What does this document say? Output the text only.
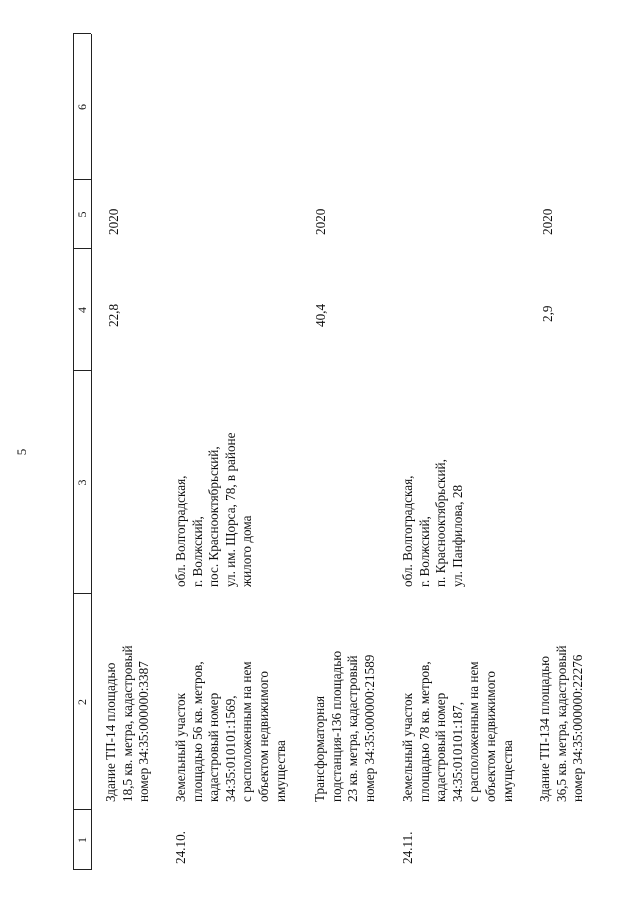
5
1
2
3
4
5
6
Здание ТП-14 площадью
18,5 кв. метра, кадастровый
номер 34:35:000000:3387
22,8
2020
24.10.
Земельный участок
площадью 56 кв. метров,
кадастровый номер
34:35:010101:1569,
с расположенным на нем
объектом недвижимого
имущества
обл. Волгоградская,
г. Волжский,
пос. Краснооктябрьский,
ул. им. Щорса, 78, в районе
жилого дома
Трансформаторная
подстанция-136 площадью
23 кв. метра, кадастровый
номер 34:35:000000:21589
40,4
2020
24.11.
Земельный участок
площадью 78 кв. метров,
кадастровый номер
34:35:010101:187,
с расположенным на нем
объектом недвижимого
имущества
обл. Волгоградская,
г. Волжский,
п. Краснооктябрьский,
ул. Панфилова, 28
Здание ТП-134 площадью
36,5 кв. метра, кадастровый
номер 34:35:000000:22276
2,9
2020
